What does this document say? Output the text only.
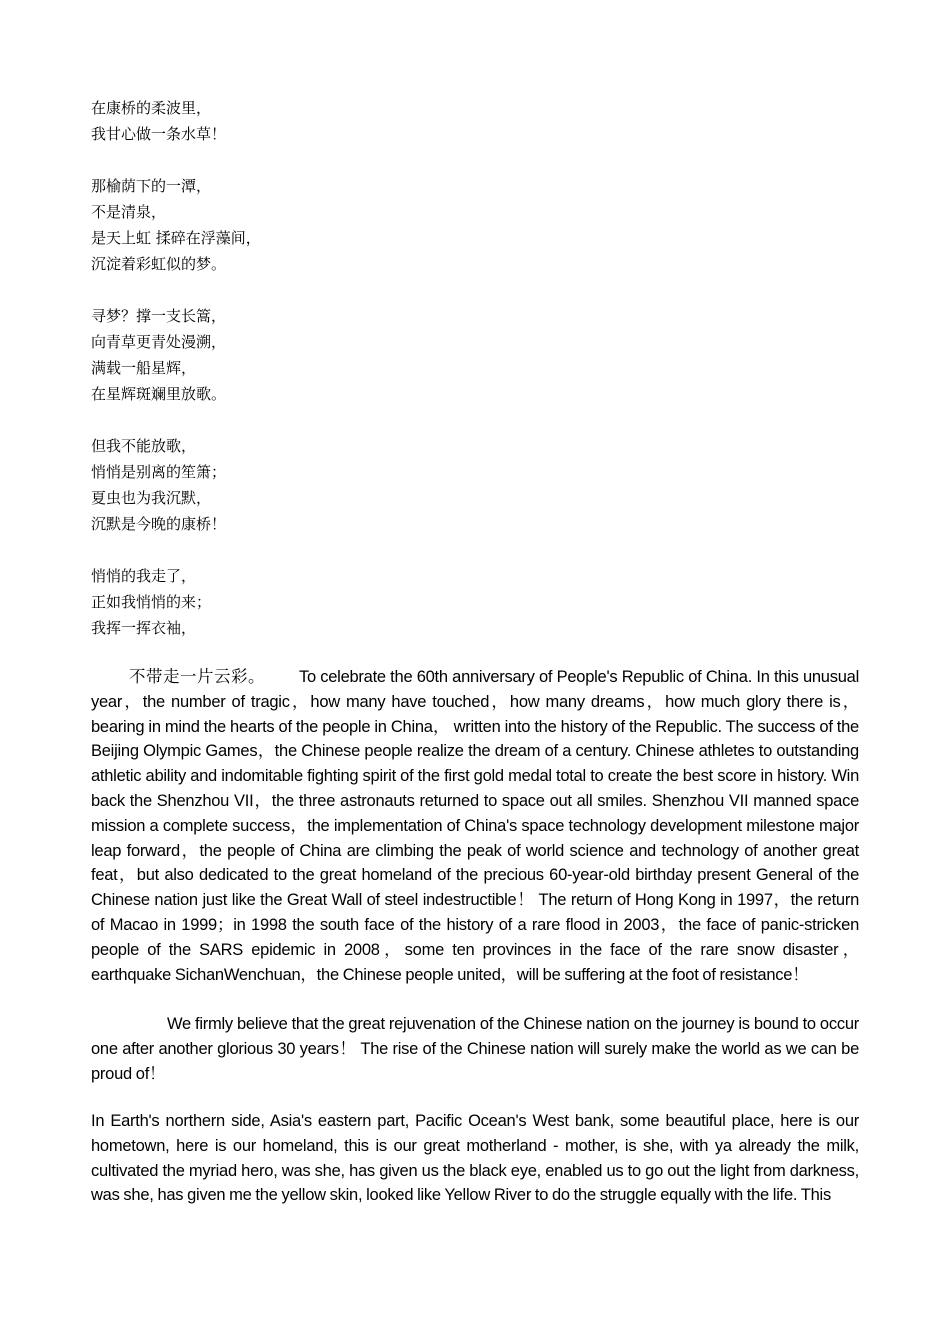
在康桥的柔波里，
我甘心做一条水草！
那榆荫下的一潭，
不是清泉，
是天上虹 揉碎在浮藻间，
沉淀着彩虹似的梦。
寻梦？撑一支长篙，
向青草更青处漫溯，
满载一船星辉，
在星辉斑斓里放歌。
但我不能放歌，
悄悄是别离的笙箫；
夏虫也为我沉默，
沉默是今晚的康桥！
悄悄的我走了，
正如我悄悄的来；
我挥一挥衣袖，

不带走一片云彩。 To celebrate the 60th anniversary of People's Republic of China. In this unusual year，the number of tragic，how many have touched，how many dreams，how much glory there is， bearing in mind the hearts of the people in China， written into the history of the Republic. The success of the Beijing Olympic Games，the Chinese people realize the dream of a century. Chinese athletes to outstanding athletic ability and indomitable fighting spirit of the first gold medal total to create the best score in history. Win back the Shenzhou VII，the three astronauts returned to space out all smiles. Shenzhou VII manned space mission a complete success，the implementation of China's space technology development milestone major leap forward，the people of China are climbing the peak of world science and technology of another great feat，but also dedicated to the great homeland of the precious 60-year-old birthday present General of the Chinese nation just like the Great Wall of steel indestructible！ The return of Hong Kong in 1997，the return of Macao in 1999；in 1998 the south face of the history of a rare flood in 2003，the face of panic-stricken people of the SARS epidemic in 2008，some ten provinces in the face of the rare snow disaster， earthquake SichanWenchuan，the Chinese people united，will be suffering at the foot of resistance！

We firmly believe that the great rejuvenation of the Chinese nation on the journey is bound to occur one after another glorious 30 years！ The rise of the Chinese nation will surely make the world as we can be proud of！

In Earth's northern side, Asia's eastern part, Pacific Ocean's West bank, some beautiful place, here is our hometown, here is our homeland, this is our great motherland - mother, is she, with ya already the milk, cultivated the myriad hero, was she, has given us the black eye, enabled us to go out the light from darkness, was she, has given me the yellow skin, looked like Yellow River to do the struggle equally with the life. This
